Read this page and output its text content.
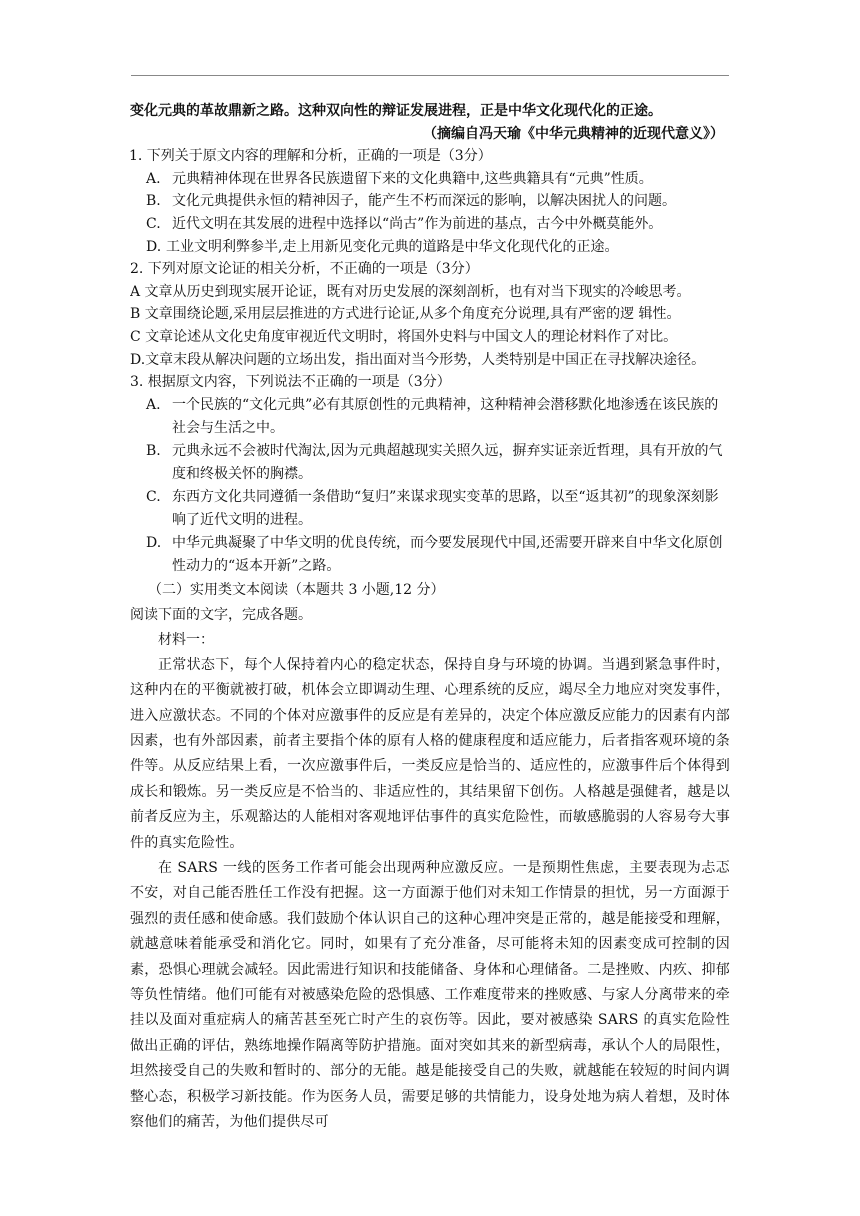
变化元典的革故鼎新之路。这种双向性的辩证发展进程，正是中华文化现代化的正途。
（摘编自冯天瑜《中华元典精神的近现代意义》）
1. 下列关于原文内容的理解和分析，正确的一项是（3分）
A. 元典精神体现在世界各民族遗留下来的文化典籍中,这些典籍具有“元典”性质。
B. 文化元典提供永恒的精神因子，能产生不朽而深远的影响，以解决困扰人的问题。
C. 近代文明在其发展的进程中选择以“尚古”作为前进的基点，古今中外概莫能外。
D. 工业文明利弊参半,走上用新见变化元典的道路是中华文化现代化的正途。
2. 下列对原文论证的相关分析，不正确的一项是（3分）
A 文章从历史到现实展开论证，既有对历史发展的深刻剖析，也有对当下现实的冷峻思考。
B 文章围绕论题,采用层层推进的方式进行论证,从多个角度充分说理,具有严密的逻 辑性。
C 文章论述从文化史角度审视近代文明时，将国外史料与中国文人的理论材料作了对比。
D.文章末段从解决问题的立场出发，指出面对当今形势，人类特别是中国正在寻找解决途径。
3. 根据原文内容，下列说法不正确的一项是（3分）
A. 一个民族的“文化元典”必有其原创性的元典精神，这种精神会潜移默化地渗透在该民族的社会与生活之中。
B. 元典永远不会被时代淘汰,因为元典超越现实关照久远，摒弃实证亲近哲理，具有开放的气度和终极关怀的胸襟。
C. 东西方文化共同遵循一条借助“复归”来谋求现实变革的思路，以至“返其初”的现象深刻影响了近代文明的进程。
D. 中华元典凝聚了中华文明的优良传统，而今要发展现代中国,还需要开辟来自中华文化原创性动力的“返本开新”之路。
（二）实用类文本阅读（本题共 3 小题,12 分）
阅读下面的文字，完成各题。
材料一：
正常状态下，每个人保持着内心的稳定状态，保持自身与环境的协调。当遇到紧急事件时，这种内在的平衡就被打破，机体会立即调动生理、心理系统的反应，竭尽全力地应对突发事件，进入应激状态。不同的个体对应激事件的反应是有差异的，决定个体应激反应能力的因素有内部因素，也有外部因素，前者主要指个体的原有人格的健康程度和适应能力，后者指客观环境的条件等。从反应结果上看，一次应激事件后，一类反应是恰当的、适应性的，应激事件后个体得到成长和锻炼。另一类反应是不恰当的、非适应性的，其结果留下创伤。人格越是强健者，越是以前者反应为主，乐观豁达的人能相对客观地评估事件的真实危险性，而敏感脆弱的人容易夸大事件的真实危险性。
在 SARS 一线的医务工作者可能会出现两种应激反应。一是预期性焦虑，主要表现为忐忑不安，对自己能否胜任工作没有把握。这一方面源于他们对未知工作情景的担忧，另一方面源于强烈的责任感和使命感。我们鼓励个体认识自己的这种心理冲突是正常的，越是能接受和理解，就越意味着能承受和消化它。同时，如果有了充分准备，尽可能将未知的因素变成可控制的因素，恐惧心理就会减轻。因此需进行知识和技能储备、身体和心理储备。二是挫败、内疚、抑郁等负性情绪。他们可能有对被感染危险的恐惧感、工作难度带来的挫败感、与家人分离带来的牵挂以及面对重症病人的痛苦甚至死亡时产生的哀伤等。因此，要对被感染 SARS 的真实危险性做出正确的评估，熟练地操作隔离等防护措施。面对突如其来的新型病毒，承认个人的局限性，坦然接受自己的失败和暂时的、部分的无能。越是能接受自己的失败，就越能在较短的时间内调整心态，积极学习新技能。作为医务人员，需要足够的共情能力，设身处地为病人着想，及时体察他们的痛苦，为他们提供尽可
